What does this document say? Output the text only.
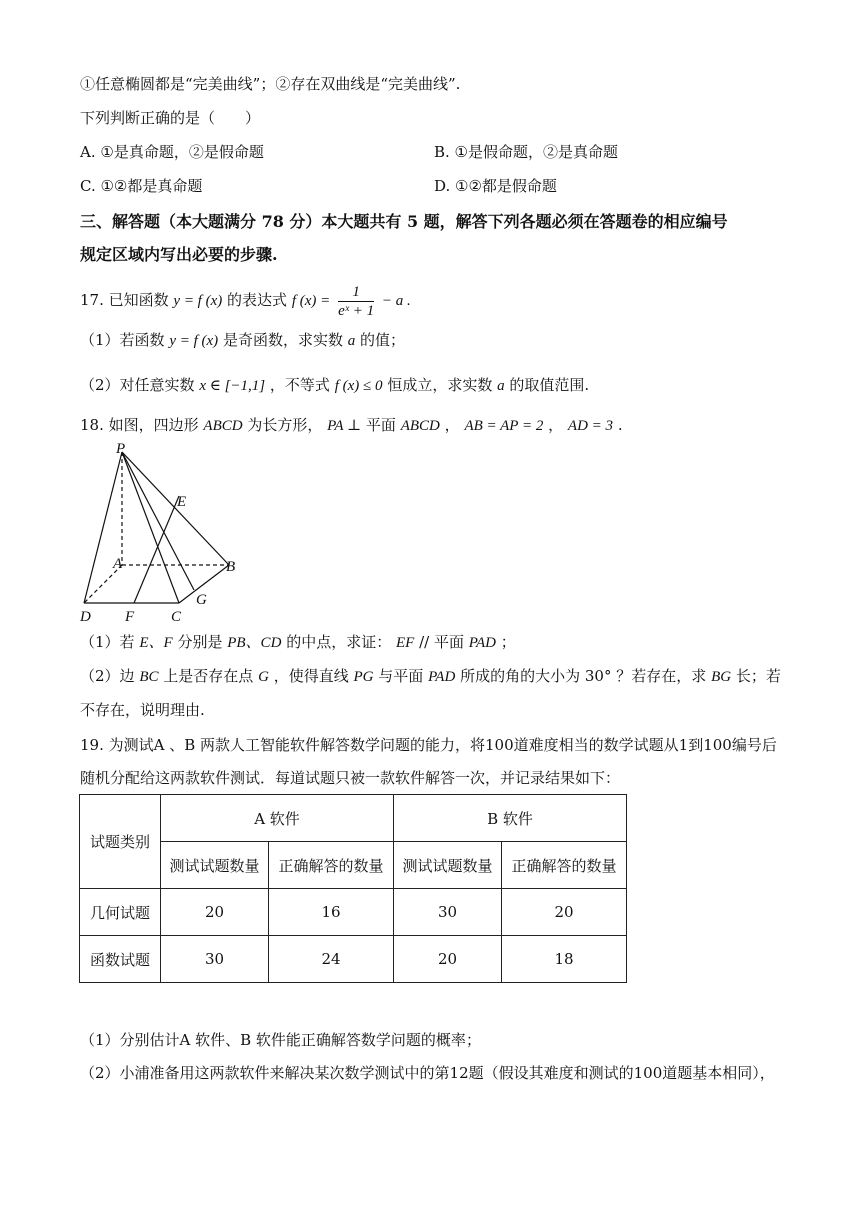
①任意椭圆都是“完美曲线”；②存在双曲线是“完美曲线”.
下列判断正确的是（　　）
A. ①是真命题，②是假命题	B. ①是假命题，②是真命题
C. ①②都是真命题	D. ①②都是假命题
三、解答题（本大题满分 78 分）本大题共有 5 题，解答下列各题必须在答题卷的相应编号
规定区域内写出必要的步骤.
17. 已知函数 y = f (x) 的表达式 f $(x) = \frac{1}{\text{eˣ + 1}} - a$ .
（1）若函数 y = f (x) 是奇函数，求实数 a 的值；
（2）对任意实数 x ∈ [−1,1] ，不等式 f (x) ≤ 0 恒成立，求实数 a 的取值范围.
18. 如图，四边形 ABCD 为长方形， PA ⊥ 平面 ABCD ， AB = AP = 2 ， AD = 3 .
P
E
A	B
G
D F C
（1）若 E、F 分别是 PB、CD 的中点，求证： EF // 平面 PAD ；
（2）边 BC 上是否存在点 G ，使得直线 PG 与平面 PAD 所成的角的大小为 30° ？若存在，求 BG 长；若
不存在，说明理由.
19. 为测试A 、B 两款人工智能软件解答数学问题的能力，将100道难度相当的数学试题从1到100编号后
随机分配给这两款软件测试．每道试题只被一款软件解答一次，并记录结果如下：
试题类别	A 软件		B 软件	
	测试试题数量	正确解答的数量	测试试题数量	正确解答的数量
几何试题	20	16	30	20
函数试题	30	24	20	18
（1）分别估计A 软件、B 软件能正确解答数学问题的概率；
（2）小浦准备用这两款软件来解决某次数学测试中的第12题（假设其难度和测试的100道题基本相同），
